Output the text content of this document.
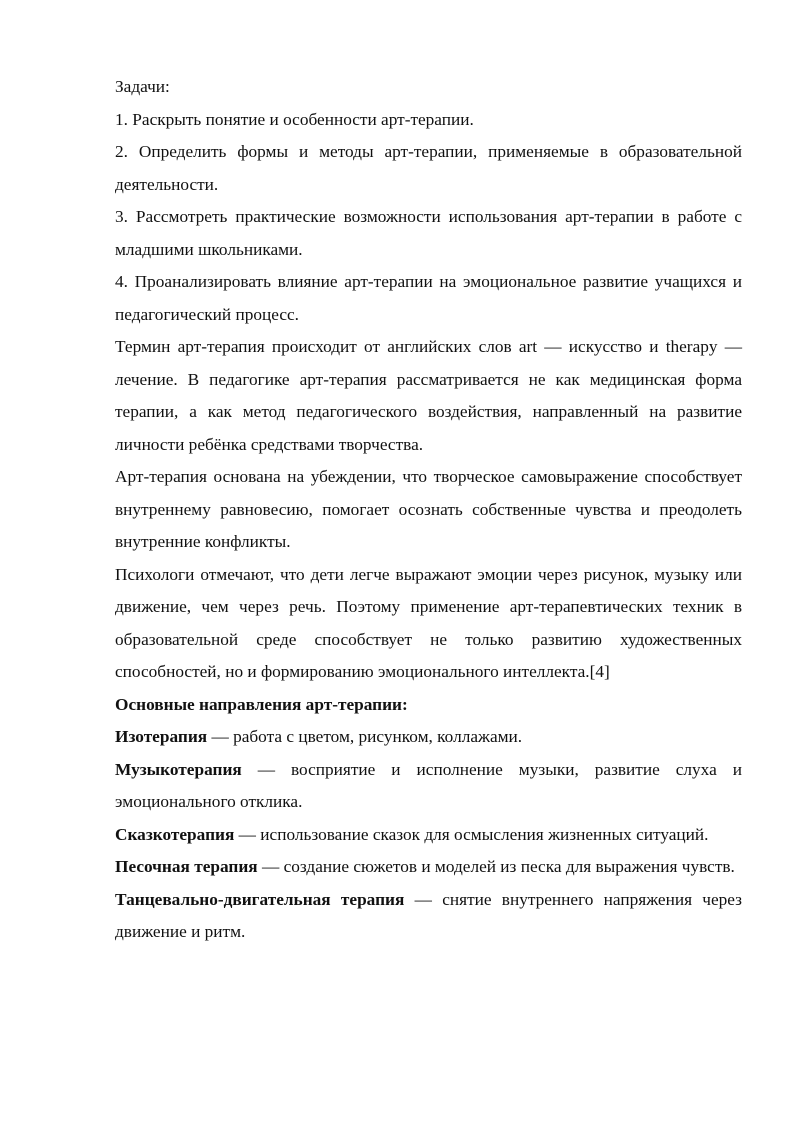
Задачи:

1. Раскрыть понятие и особенности арт-терапии.

2. Определить формы и методы арт-терапии, применяемые в образовательной деятельности.

3. Рассмотреть практические возможности использования арт-терапии в работе с младшими школьниками.

4. Проанализировать влияние арт-терапии на эмоциональное развитие учащихся и педагогический процесс.

Термин арт-терапия происходит от английских слов art — искусство и therapy — лечение. В педагогике арт-терапия рассматривается не как медицинская форма терапии, а как метод педагогического воздействия, направленный на развитие личности ребёнка средствами творчества.

Арт-терапия основана на убеждении, что творческое самовыражение способствует внутреннему равновесию, помогает осознать собственные чувства и преодолеть внутренние конфликты.

Психологи отмечают, что дети легче выражают эмоции через рисунок, музыку или движение, чем через речь. Поэтому применение арт-терапевтических техник в образовательной среде способствует не только развитию художественных способностей, но и формированию эмоционального интеллекта.[4]

Основные направления арт-терапии:

Изотерапия — работа с цветом, рисунком, коллажами.

Музыкотерапия — восприятие и исполнение музыки, развитие слуха и эмоционального отклика.

Сказкотерапия — использование сказок для осмысления жизненных ситуаций.

Песочная терапия — создание сюжетов и моделей из песка для выражения чувств.

Танцевально-двигательная терапия — снятие внутреннего напряжения через движение и ритм.
